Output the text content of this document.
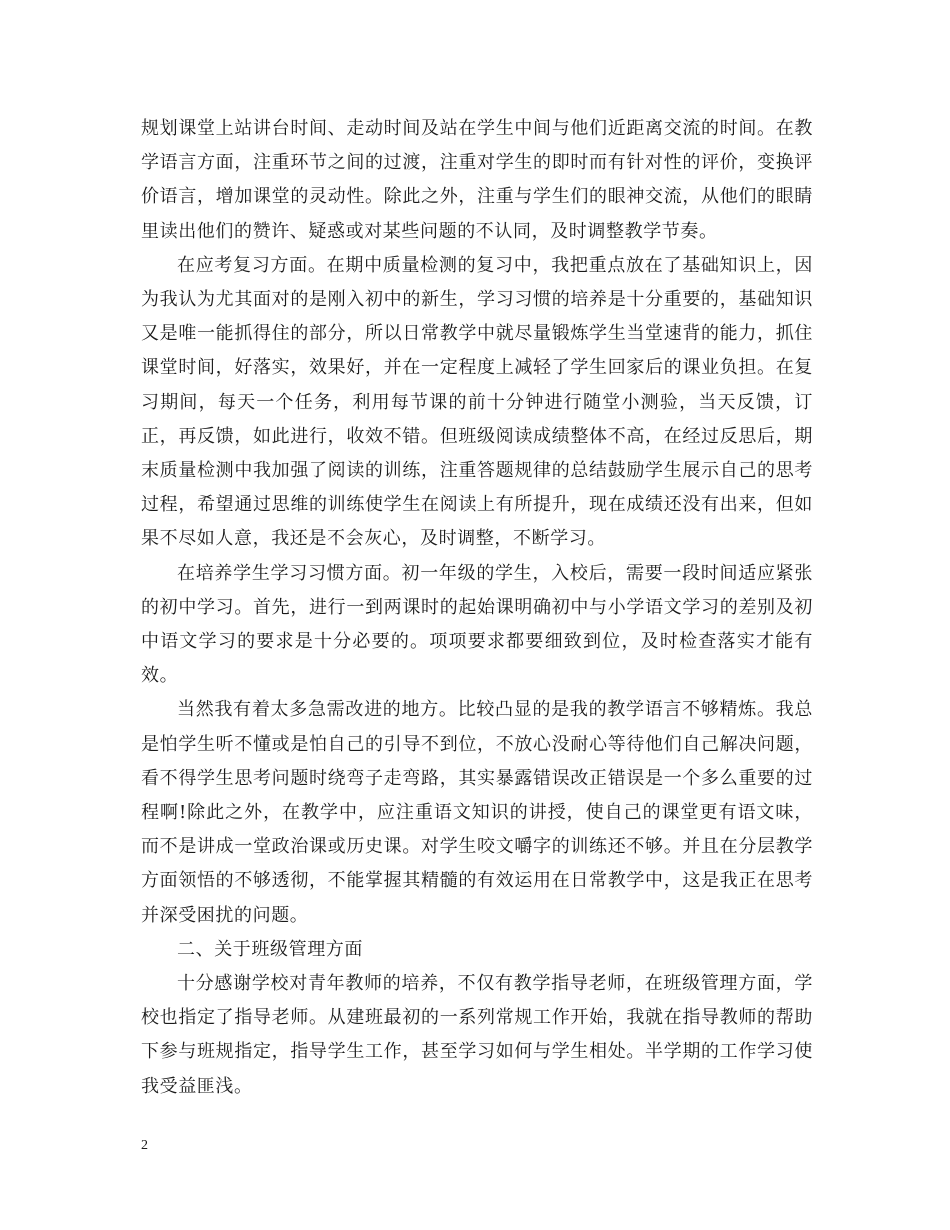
规划课堂上站讲台时间、走动时间及站在学生中间与他们近距离交流的时间。在教学语言方面，注重环节之间的过渡，注重对学生的即时而有针对性的评价，变换评价语言，增加课堂的灵动性。除此之外，注重与学生们的眼神交流，从他们的眼睛里读出他们的赞许、疑惑或对某些问题的不认同，及时调整教学节奏。

在应考复习方面。在期中质量检测的复习中，我把重点放在了基础知识上，因为我认为尤其面对的是刚入初中的新生，学习习惯的培养是十分重要的，基础知识又是唯一能抓得住的部分，所以日常教学中就尽量锻炼学生当堂速背的能力，抓住课堂时间，好落实，效果好，并在一定程度上减轻了学生回家后的课业负担。在复习期间，每天一个任务，利用每节课的前十分钟进行随堂小测验，当天反馈，订正，再反馈，如此进行，收效不错。但班级阅读成绩整体不高，在经过反思后，期末质量检测中我加强了阅读的训练，注重答题规律的总结鼓励学生展示自己的思考过程，希望通过思维的训练使学生在阅读上有所提升，现在成绩还没有出来，但如果不尽如人意，我还是不会灰心，及时调整，不断学习。

在培养学生学习习惯方面。初一年级的学生，入校后，需要一段时间适应紧张的初中学习。首先，进行一到两课时的起始课明确初中与小学语文学习的差别及初中语文学习的要求是十分必要的。项项要求都要细致到位，及时检查落实才能有效。

当然我有着太多急需改进的地方。比较凸显的是我的教学语言不够精炼。我总是怕学生听不懂或是怕自己的引导不到位，不放心没耐心等待他们自己解决问题，看不得学生思考问题时绕弯子走弯路，其实暴露错误改正错误是一个多么重要的过程啊!除此之外，在教学中，应注重语文知识的讲授，使自己的课堂更有语文味，而不是讲成一堂政治课或历史课。对学生咬文嚼字的训练还不够。并且在分层教学方面领悟的不够透彻，不能掌握其精髓的有效运用在日常教学中，这是我正在思考并深受困扰的问题。

二、关于班级管理方面

十分感谢学校对青年教师的培养，不仅有教学指导老师，在班级管理方面，学校也指定了指导老师。从建班最初的一系列常规工作开始，我就在指导教师的帮助下参与班规指定，指导学生工作，甚至学习如何与学生相处。半学期的工作学习使我受益匪浅。

2
